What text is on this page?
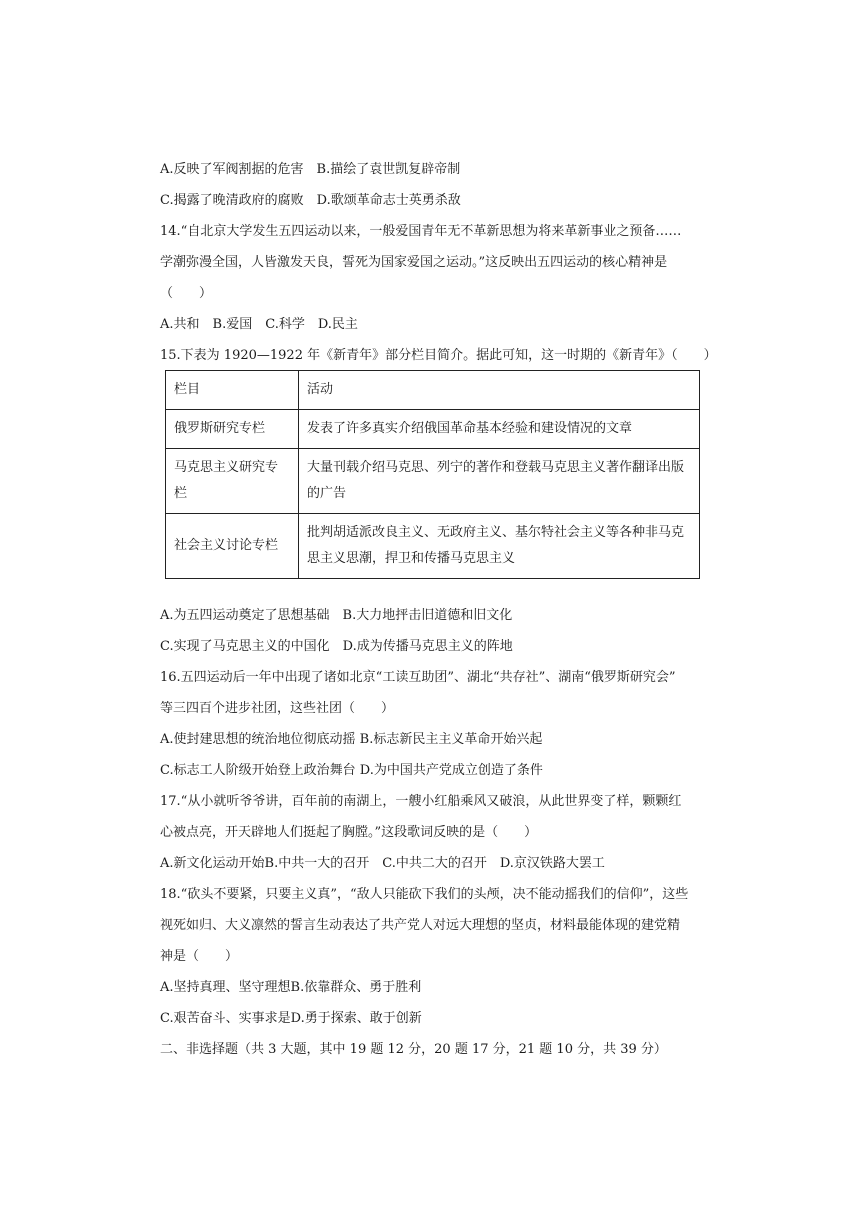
A.反映了军阀割据的危害　B.描绘了袁世凯复辟帝制
C.揭露了晚清政府的腐败　D.歌颂革命志士英勇杀敌
14.“自北京大学发生五四运动以来，一般爱国青年无不革新思想为将来革新事业之预备……
学潮弥漫全国，人皆激发天良，誓死为国家爱国之运动。”这反映出五四运动的核心精神是
（　　）
A.共和　B.爱国　C.科学　D.民主
15.下表为 1920—1922 年《新青年》部分栏目简介。据此可知，这一时期的《新青年》（　　）
栏目	活动
俄罗斯研究专栏	发表了许多真实介绍俄国革命基本经验和建设情况的文章
马克思主义研究专栏	大量刊载介绍马克思、列宁的著作和登载马克思主义著作翻译出版的广告
社会主义讨论专栏	批判胡适派改良主义、无政府主义、基尔特社会主义等各种非马克思主义思潮，捍卫和传播马克思主义
A.为五四运动奠定了思想基础　B.大力地抨击旧道德和旧文化
C.实现了马克思主义的中国化　D.成为传播马克思主义的阵地
16.五四运动后一年中出现了诸如北京“工读互助团”、湖北“共存社”、湖南“俄罗斯研究会”
等三四百个进步社团，这些社团（　　）
A.使封建思想的统治地位彻底动摇 B.标志新民主主义革命开始兴起
C.标志工人阶级开始登上政治舞台 D.为中国共产党成立创造了条件
17.“从小就听爷爷讲，百年前的南湖上，一艘小红船乘风又破浪，从此世界变了样，颗颗红
心被点亮，开天辟地人们挺起了胸膛。”这段歌词反映的是（　　）
A.新文化运动开始B.中共一大的召开　C.中共二大的召开　D.京汉铁路大罢工
18.“砍头不要紧，只要主义真”，“敌人只能砍下我们的头颅，决不能动摇我们的信仰”，这些
视死如归、大义凛然的誓言生动表达了共产党人对远大理想的坚贞，材料最能体现的建党精
神是（　　）
A.坚持真理、坚守理想B.依靠群众、勇于胜利
C.艰苦奋斗、实事求是D.勇于探索、敢于创新
二、非选择题（共 3 大题，其中 19 题 12 分，20 题 17 分，21 题 10 分，共 39 分）
